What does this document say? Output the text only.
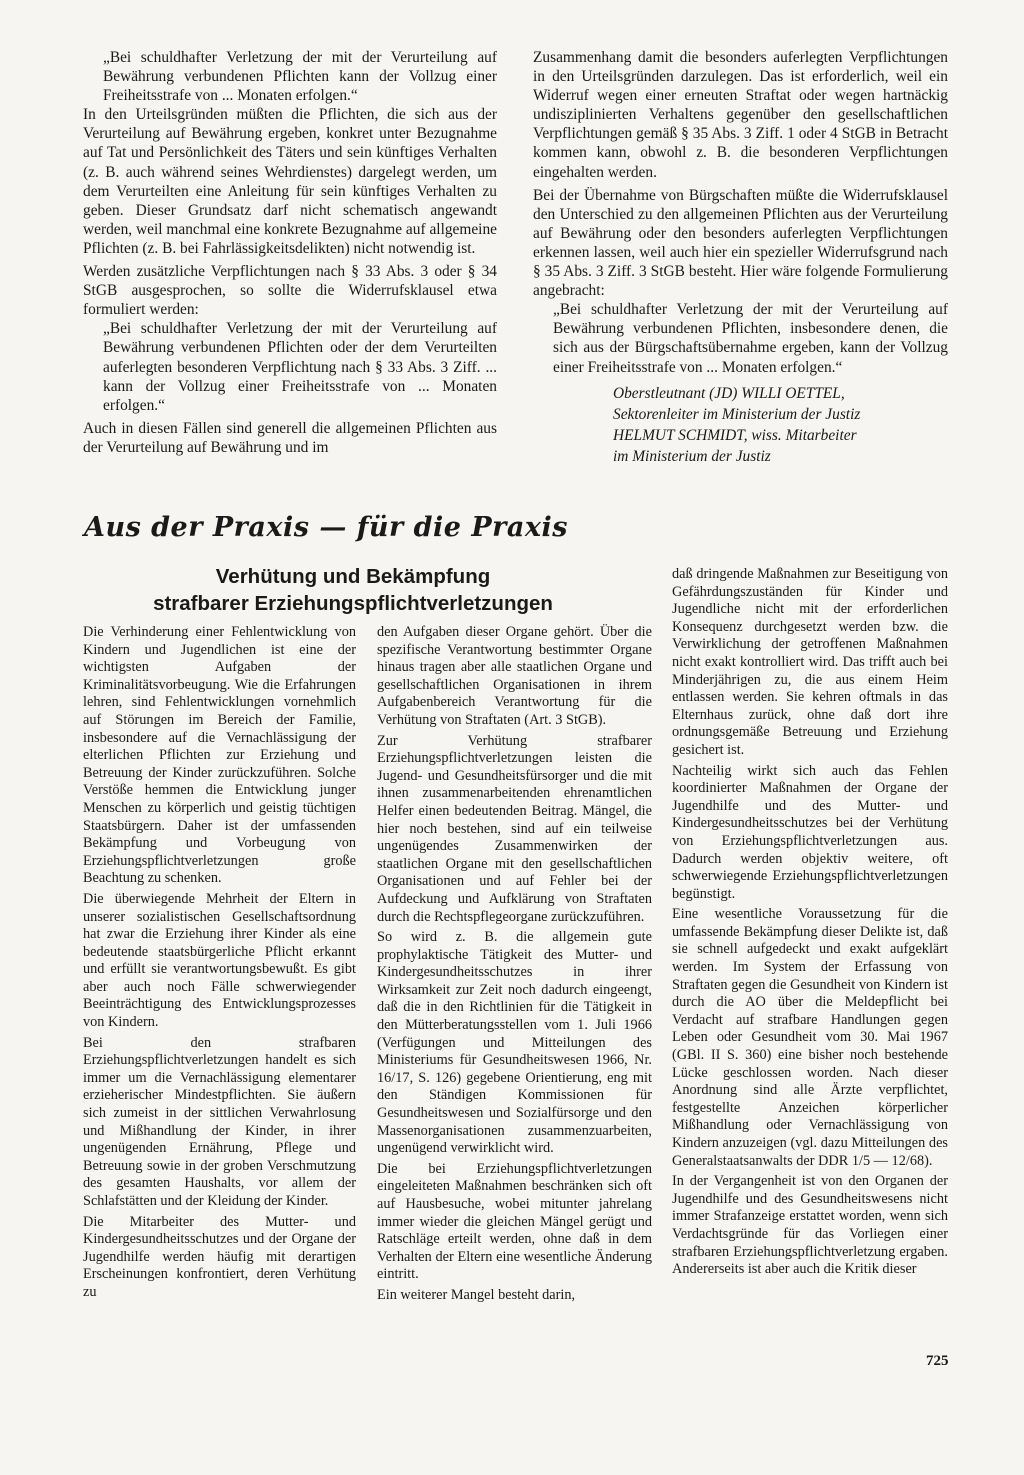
„Bei schuldhafter Verletzung der mit der Verurteilung auf Bewährung verbundenen Pflichten kann der Vollzug einer Freiheitsstrafe von ... Monaten erfolgen.“

In den Urteilsgründen müßten die Pflichten, die sich aus der Verurteilung auf Bewährung ergeben, konkret unter Bezugnahme auf Tat und Persönlichkeit des Täters und sein künftiges Verhalten (z. B. auch während seines Wehrdienstes) dargelegt werden, um dem Verurteilten eine Anleitung für sein künftiges Verhalten zu geben. Dieser Grundsatz darf nicht schematisch angewandt werden, weil manchmal eine konkrete Bezugnahme auf allgemeine Pflichten (z. B. bei Fahrlässigkeitsdelikten) nicht notwendig ist.

Werden zusätzliche Verpflichtungen nach § 33 Abs. 3 oder § 34 StGB ausgesprochen, so sollte die Widerrufsklausel etwa formuliert werden:

„Bei schuldhafter Verletzung der mit der Verurteilung auf Bewährung verbundenen Pflichten oder der dem Verurteilten auferlegten besonderen Verpflichtung nach § 33 Abs. 3 Ziff. ... kann der Vollzug einer Freiheitsstrafe von ... Monaten erfolgen.“

Auch in diesen Fällen sind generell die allgemeinen Pflichten aus der Verurteilung auf Bewährung und im

Zusammenhang damit die besonders auferlegten Verpflichtungen in den Urteilsgründen darzulegen. Das ist erforderlich, weil ein Widerruf wegen einer erneuten Straftat oder wegen hartnäckig undisziplinierten Verhaltens gegenüber den gesellschaftlichen Verpflichtungen gemäß § 35 Abs. 3 Ziff. 1 oder 4 StGB in Betracht kommen kann, obwohl z. B. die besonderen Verpflichtungen eingehalten werden.

Bei der Übernahme von Bürgschaften müßte die Widerrufsklausel den Unterschied zu den allgemeinen Pflichten aus der Verurteilung auf Bewährung oder den besonders auferlegten Verpflichtungen erkennen lassen, weil auch hier ein spezieller Widerrufsgrund nach § 35 Abs. 3 Ziff. 3 StGB besteht. Hier wäre folgende Formulierung angebracht:

„Bei schuldhafter Verletzung der mit der Verurteilung auf Bewährung verbundenen Pflichten, insbesondere denen, die sich aus der Bürgschaftsübernahme ergeben, kann der Vollzug einer Freiheitsstrafe von ... Monaten erfolgen.“

Oberstleutnant (JD) WILLI OETTEL,
Sektorenleiter im Ministerium der Justiz
HELMUT SCHMIDT, wiss. Mitarbeiter
im Ministerium der Justiz
Aus der Praxis — für die Praxis
Verhütung und Bekämpfung
strafbarer Erziehungspflichtverletzungen

Die Verhinderung einer Fehlentwicklung von Kindern und Jugendlichen ist eine der wichtigsten Aufgaben der Kriminalitätsvorbeugung. Wie die Erfahrungen lehren, sind Fehlentwicklungen vornehmlich auf Störungen im Bereich der Familie, insbesondere auf die Vernachlässigung der elterlichen Pflichten zur Erziehung und Betreuung der Kinder zurückzuführen. Solche Verstöße hemmen die Entwicklung junger Menschen zu körperlich und geistig tüchtigen Staatsbürgern. Daher ist der umfassenden Bekämpfung und Vorbeugung von Erziehungspflichtverletzungen große Beachtung zu schenken.

Die überwiegende Mehrheit der Eltern in unserer sozialistischen Gesellschaftsordnung hat zwar die Erziehung ihrer Kinder als eine bedeutende staatsbürgerliche Pflicht erkannt und erfüllt sie verantwortungsbewußt. Es gibt aber auch noch Fälle schwerwiegender Beeinträchtigung des Entwicklungsprozesses von Kindern.

Bei den strafbaren Erziehungspflichtverletzungen handelt es sich immer um die Vernachlässigung elementarer erzieherischer Mindestpflichten. Sie äußern sich zumeist in der sittlichen Verwahrlosung und Mißhandlung der Kinder, in ihrer ungenügenden Ernährung, Pflege und Betreuung sowie in der groben Verschmutzung des gesamten Haushalts, vor allem der Schlafstätten und der Kleidung der Kinder.

Die Mitarbeiter des Mutter- und Kindergesundheitsschutzes und der Organe der Jugendhilfe werden häufig mit derartigen Erscheinungen konfrontiert, deren Verhütung zu

den Aufgaben dieser Organe gehört. Über die spezifische Verantwortung bestimmter Organe hinaus tragen aber alle staatlichen Organe und gesellschaftlichen Organisationen in ihrem Aufgabenbereich Verantwortung für die Verhütung von Straftaten (Art. 3 StGB).

Zur Verhütung strafbarer Erziehungspflichtverletzungen leisten die Jugend- und Gesundheitsfürsorger und die mit ihnen zusammenarbeitenden ehrenamtlichen Helfer einen bedeutenden Beitrag. Mängel, die hier noch bestehen, sind auf ein teilweise ungenügendes Zusammenwirken der staatlichen Organe mit den gesellschaftlichen Organisationen und auf Fehler bei der Aufdeckung und Aufklärung von Straftaten durch die Rechtspflegeorgane zurückzuführen.

So wird z. B. die allgemein gute prophylaktische Tätigkeit des Mutter- und Kindergesundheitsschutzes in ihrer Wirksamkeit zur Zeit noch dadurch eingeengt, daß die in den Richtlinien für die Tätigkeit in den Mütterberatungsstellen vom 1. Juli 1966 (Verfügungen und Mitteilungen des Ministeriums für Gesundheitswesen 1966, Nr. 16/17, S. 126) gegebene Orientierung, eng mit den Ständigen Kommissionen für Gesundheitswesen und Sozialfürsorge und den Massenorganisationen zusammenzuarbeiten, ungenügend verwirklicht wird.

Die bei Erziehungspflichtverletzungen eingeleiteten Maßnahmen beschränken sich oft auf Hausbesuche, wobei mitunter jahrelang immer wieder die gleichen Mängel gerügt und Ratschläge erteilt werden, ohne daß in dem Verhalten der Eltern eine wesentliche Änderung eintritt.

Ein weiterer Mangel besteht darin,

daß dringende Maßnahmen zur Beseitigung von Gefährdungszuständen für Kinder und Jugendliche nicht mit der erforderlichen Konsequenz durchgesetzt werden bzw. die Verwirklichung der getroffenen Maßnahmen nicht exakt kontrolliert wird. Das trifft auch bei Minderjährigen zu, die aus einem Heim entlassen werden. Sie kehren oftmals in das Elternhaus zurück, ohne daß dort ihre ordnungsgemäße Betreuung und Erziehung gesichert ist.

Nachteilig wirkt sich auch das Fehlen koordinierter Maßnahmen der Organe der Jugendhilfe und des Mutter- und Kindergesundheitsschutzes bei der Verhütung von Erziehungspflichtverletzungen aus. Dadurch werden objektiv weitere, oft schwerwiegende Erziehungspflichtverletzungen begünstigt.

Eine wesentliche Voraussetzung für die umfassende Bekämpfung dieser Delikte ist, daß sie schnell aufgedeckt und exakt aufgeklärt werden. Im System der Erfassung von Straftaten gegen die Gesundheit von Kindern ist durch die AO über die Meldepflicht bei Verdacht auf strafbare Handlungen gegen Leben oder Gesundheit vom 30. Mai 1967 (GBl. II S. 360) eine bisher noch bestehende Lücke geschlossen worden. Nach dieser Anordnung sind alle Ärzte verpflichtet, festgestellte Anzeichen körperlicher Mißhandlung oder Vernachlässigung von Kindern anzuzeigen (vgl. dazu Mitteilungen des Generalstaatsanwalts der DDR 1/5 — 12/68).

In der Vergangenheit ist von den Organen der Jugendhilfe und des Gesundheitswesens nicht immer Strafanzeige erstattet worden, wenn sich Verdachtsgründe für das Vorliegen einer strafbaren Erziehungspflichtverletzung ergaben. Andererseits ist aber auch die Kritik dieser

725
